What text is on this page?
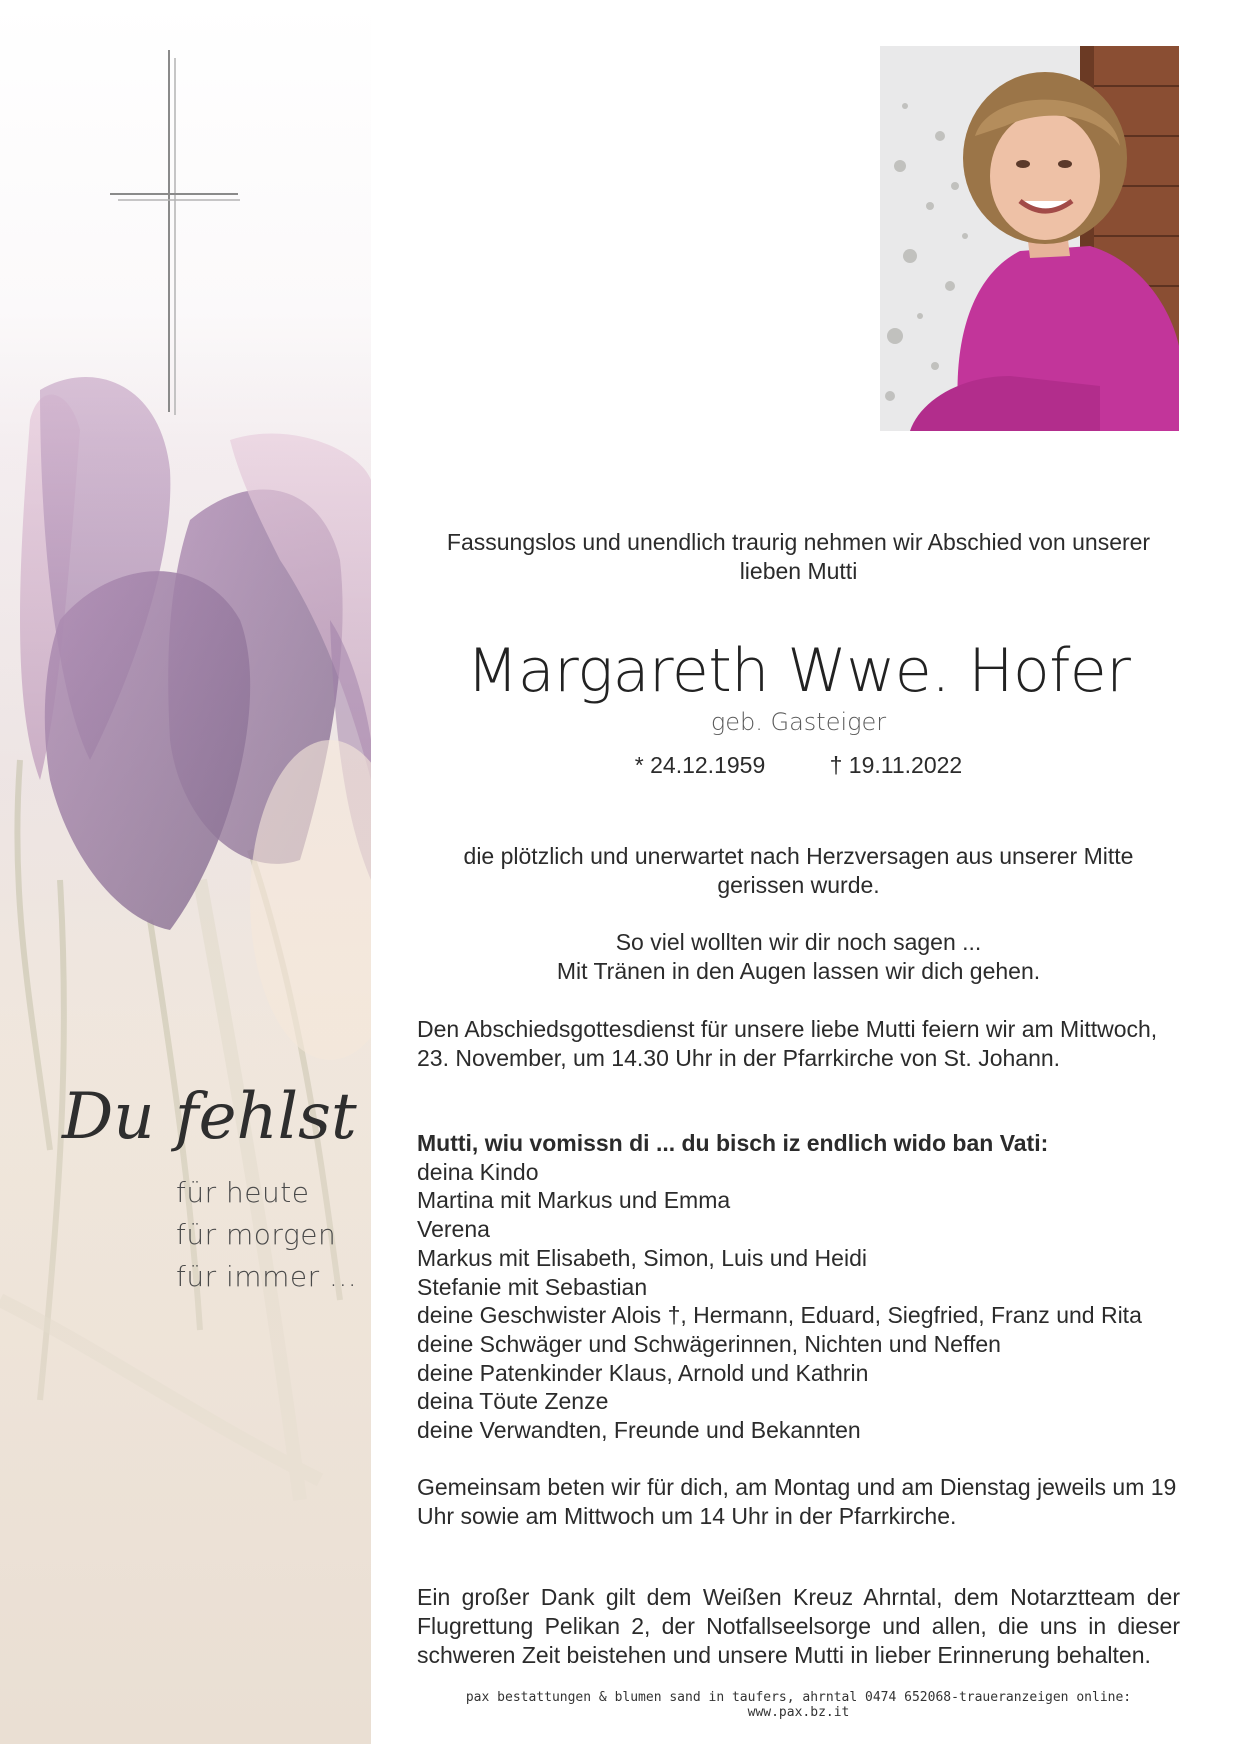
Du fehlst
für heute
für morgen
für immer ...
Fassungslos und unendlich traurig nehmen wir Abschied von unserer lieben Mutti
Margareth Wwe. Hofer
geb. Gasteiger
* 24.12.1959	† 19.11.2022
die plötzlich und unerwartet nach Herzversagen aus unserer Mitte gerissen wurde.
So viel wollten wir dir noch sagen ...
Mit Tränen in den Augen lassen wir dich gehen.
Den Abschiedsgottesdienst für unsere liebe Mutti feiern wir am Mittwoch, 23. November, um 14.30 Uhr in der Pfarrkirche von St. Johann.
Mutti, wiu vomissn di ... du bisch iz endlich wido ban Vati:
deina Kindo
Martina mit Markus und Emma
Verena
Markus mit Elisabeth, Simon, Luis und Heidi
Stefanie mit Sebastian
deine Geschwister Alois †, Hermann, Eduard, Siegfried, Franz und Rita
deine Schwäger und Schwägerinnen, Nichten und Neffen
deine Patenkinder Klaus, Arnold und Kathrin
deina Töute Zenze
deine Verwandten, Freunde und Bekannten
Gemeinsam beten wir für dich, am Montag und am Dienstag jeweils um 19 Uhr sowie am Mittwoch um 14 Uhr in der Pfarrkirche.
Ein großer Dank gilt dem Weißen Kreuz Ahrntal, dem Notarztteam der Flugrettung Pelikan 2, der Notfallseelsorge und allen, die uns in dieser schweren Zeit beistehen und unsere Mutti in lieber Erinnerung behalten.
pax bestattungen & blumen sand in taufers, ahrntal 0474 652068-traueranzeigen online: www.pax.bz.it
